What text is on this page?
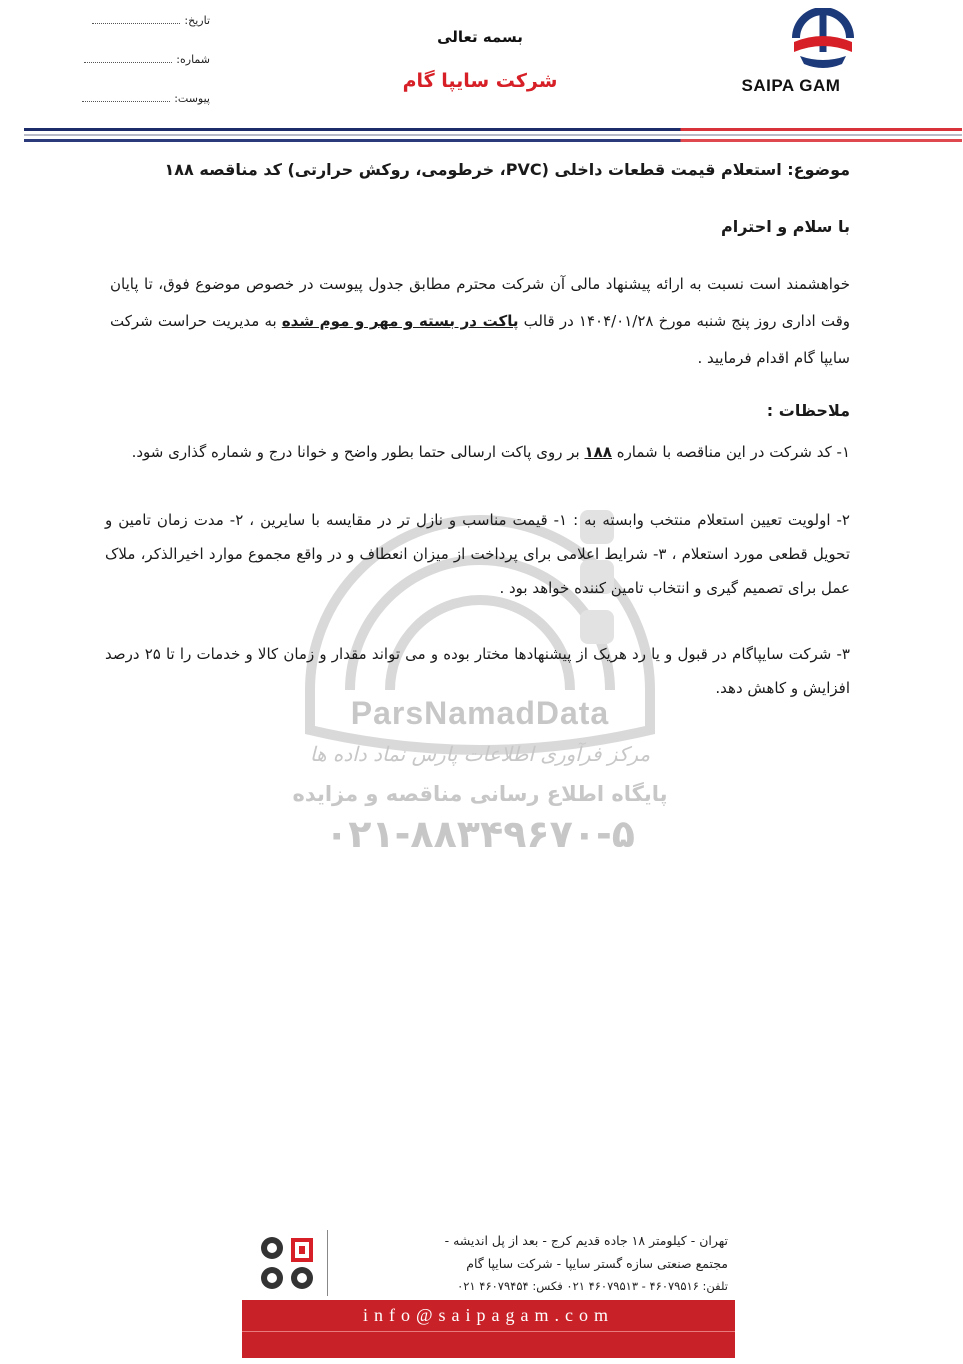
SAIPA GAM
بسمه تعالی
شرکت سایپا گام
تاریخ:
شماره:
پیوست:
ParsNamadData
مرکز فرآوری اطلاعات پارس نماد داده ها
پایگاه اطلاع رسانی مناقصه و مزایده
۰۲۱-۸۸۳۴۹۶۷۰-۵
موضوع: استعلام قیمت قطعات داخلی (PVC، خرطومی، روکش حرارتی) کد مناقصه ۱۸۸
با سلام و احترام
خواهشمند است نسبت به ارائه پیشنهاد مالی آن شرکت محترم مطابق جدول پیوست در خصوص موضوع فوق، تا پایان وقت اداری روز پنج شنبه مورخ ۱۴۰۴/۰۱/۲۸ در قالب پاکت در بسته و مهر و موم شده به مدیریت حراست شرکت سایپا گام اقدام فرمایید .
ملاحظات :
۱- کد شرکت در این مناقصه با شماره ۱۸۸ بر روی پاکت ارسالی حتما بطور واضح و خوانا درج و شماره گذاری شود.
۲- اولویت تعیین استعلام منتخب وابسته به : ۱- قیمت مناسب و نازل تر در مقایسه با سایرین ، ۲- مدت زمان تامین و تحویل قطعی مورد استعلام ، ۳- شرایط اعلامی برای پرداخت از میزان انعطاف و در واقع مجموع موارد اخیرالذکر، ملاک عمل برای تصمیم گیری و انتخاب تامین کننده خواهد بود .
۳- شرکت سایپاگام در قبول و یا رد هریک از پیشنهادها مختار بوده و می تواند مقدار و زمان کالا و خدمات را تا ۲۵ درصد افزایش و کاهش دهد.
تهران - کیلومتر ۱۸ جاده قدیم کرج - بعد از پل اندیشه -
مجتمع صنعتی سازه گستر سایپا - شرکت سایپا گام
تلفن: ۴۶۰۷۹۵۱۶ - ۴۶۰۷۹۵۱۳ ۰۲۱ فکس: ۴۶۰۷۹۴۵۴ ۰۲۱
info@saipagam.com
